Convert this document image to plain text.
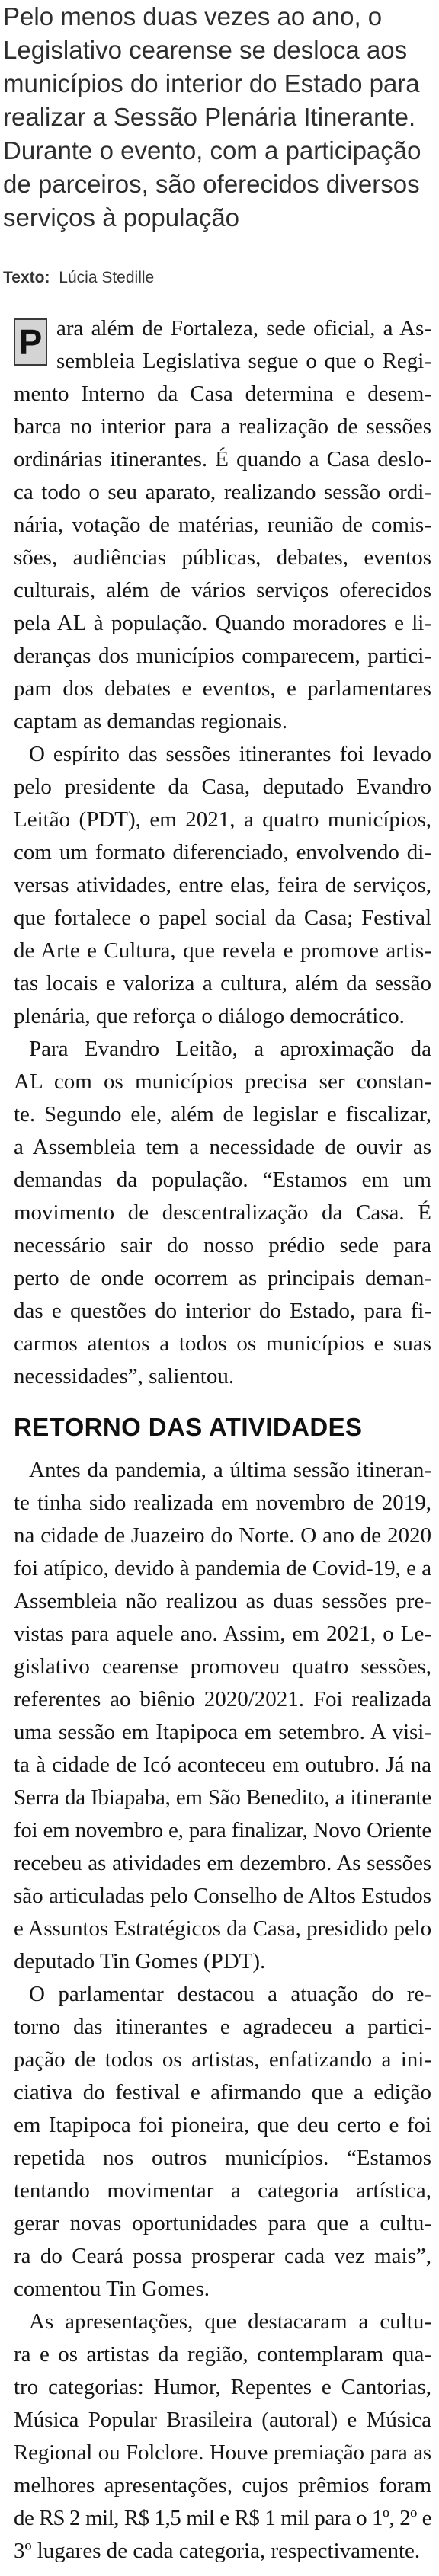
Pelo menos duas vezes ao ano, o
Legislativo cearense se desloca aos
municípios do interior do Estado para
realizar a Sessão Plenária Itinerante.
Durante o evento, com a participação
de parceiros, são oferecidos diversos
serviços à população
Texto: Lúcia Stedille
P ara além de Fortaleza, sede oficial, a As-
sembleia Legislativa segue o que o Regi-
mento Interno da Casa determina e desem-
barca no interior para a realização de sessões
ordinárias itinerantes. É quando a Casa deslo-
ca todo o seu aparato, realizando sessão ordi-
nária, votação de matérias, reunião de comis-
sões, audiências públicas, debates, eventos
culturais, além de vários serviços oferecidos
pela AL à população. Quando moradores e li-
deranças dos municípios comparecem, partici-
pam dos debates e eventos, e parlamentares
captam as demandas regionais.
O espírito das sessões itinerantes foi levado
pelo presidente da Casa, deputado Evandro
Leitão (PDT), em 2021, a quatro municípios,
com um formato diferenciado, envolvendo di-
versas atividades, entre elas, feira de serviços,
que fortalece o papel social da Casa; Festival
de Arte e Cultura, que revela e promove artis-
tas locais e valoriza a cultura, além da sessão
plenária, que reforça o diálogo democrático.
Para Evandro Leitão, a aproximação da
AL com os municípios precisa ser constan-
te. Segundo ele, além de legislar e fiscalizar,
a Assembleia tem a necessidade de ouvir as
demandas da população. “Estamos em um
movimento de descentralização da Casa. É
necessário sair do nosso prédio sede para
perto de onde ocorrem as principais deman-
das e questões do interior do Estado, para fi-
carmos atentos a todos os municípios e suas
necessidades”, salientou.
RETORNO DAS ATIVIDADES
Antes da pandemia, a última sessão itineran-
te tinha sido realizada em novembro de 2019,
na cidade de Juazeiro do Norte. O ano de 2020
foi atípico, devido à pandemia de Covid-19, e a
Assembleia não realizou as duas sessões pre-
vistas para aquele ano. Assim, em 2021, o Le-
gislativo cearense promoveu quatro sessões,
referentes ao biênio 2020/2021. Foi realizada
uma sessão em Itapipoca em setembro. A visi-
ta à cidade de Icó aconteceu em outubro. Já na
Serra da Ibiapaba, em São Benedito, a itinerante
foi em novembro e, para finalizar, Novo Oriente
recebeu as atividades em dezembro. As sessões
são articuladas pelo Conselho de Altos Estudos
e Assuntos Estratégicos da Casa, presidido pelo
deputado Tin Gomes (PDT).
O parlamentar destacou a atuação do re-
torno das itinerantes e agradeceu a partici-
pação de todos os artistas, enfatizando a ini-
ciativa do festival e afirmando que a edição
em Itapipoca foi pioneira, que deu certo e foi
repetida nos outros municípios. “Estamos
tentando movimentar a categoria artística,
gerar novas oportunidades para que a cultu-
ra do Ceará possa prosperar cada vez mais”,
comentou Tin Gomes.
As apresentações, que destacaram a cultu-
ra e os artistas da região, contemplaram qua-
tro categorias: Humor, Repentes e Cantorias,
Música Popular Brasileira (autoral) e Música
Regional ou Folclore. Houve premiação para as
melhores apresentações, cujos prêmios foram
de R$ 2 mil, R$ 1,5 mil e R$ 1 mil para o 1º, 2º e
3º lugares de cada categoria, respectivamente.
